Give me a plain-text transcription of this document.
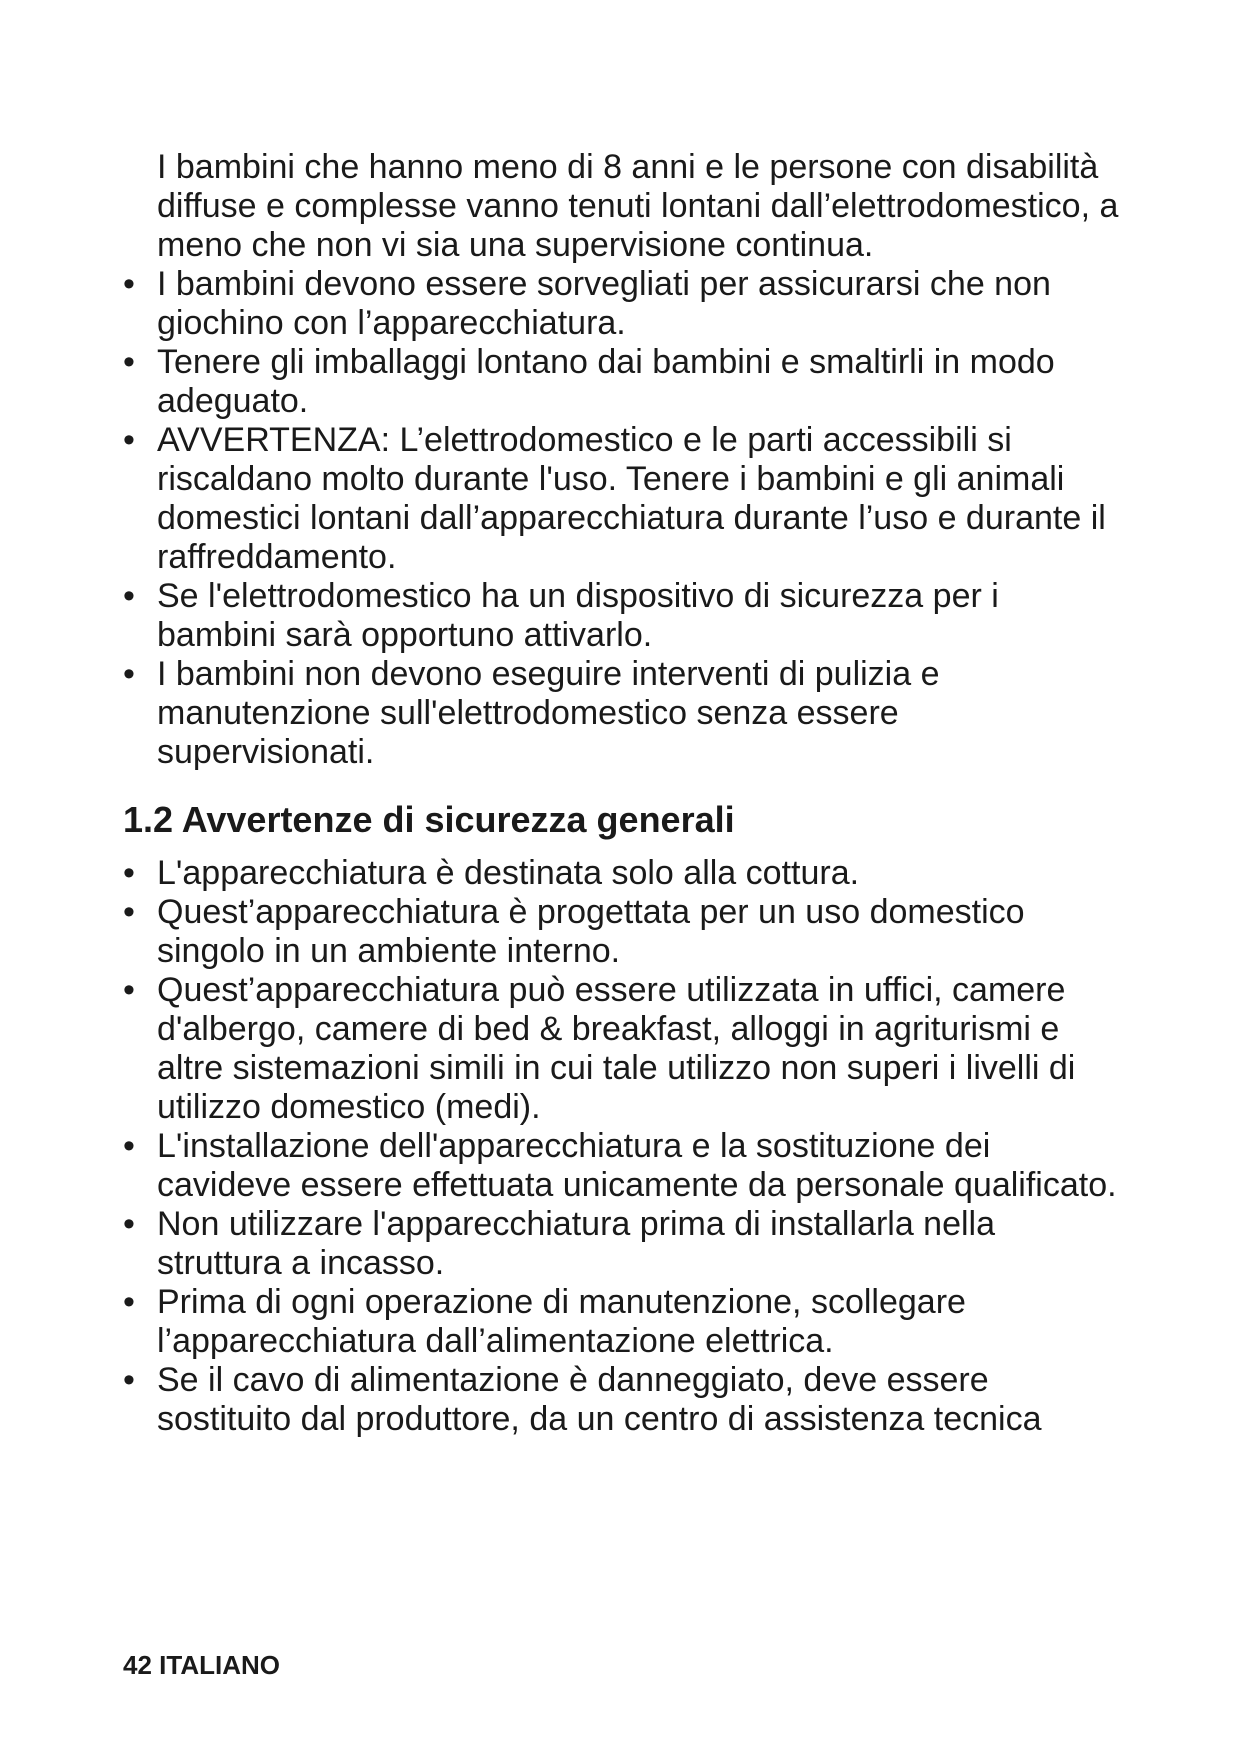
I bambini che hanno meno di 8 anni e le persone con disabilità diffuse e complesse vanno tenuti lontani dall’elettrodomestico, a meno che non vi sia una supervisione continua.

• I bambini devono essere sorvegliati per assicurarsi che non giochino con l’apparecchiatura.
• Tenere gli imballaggi lontano dai bambini e smaltirli in modo adeguato.
• AVVERTENZA: L’elettrodomestico e le parti accessibili si riscaldano molto durante l'uso. Tenere i bambini e gli animali domestici lontani dall’apparecchiatura durante l’uso e durante il raffreddamento.
• Se l'elettrodomestico ha un dispositivo di sicurezza per i bambini sarà opportuno attivarlo.
• I bambini non devono eseguire interventi di pulizia e manutenzione sull'elettrodomestico senza essere supervisionati.
1.2 Avvertenze di sicurezza generali
• L'apparecchiatura è destinata solo alla cottura.
• Quest’apparecchiatura è progettata per un uso domestico singolo in un ambiente interno.
• Quest’apparecchiatura può essere utilizzata in uffici, camere d'albergo, camere di bed & breakfast, alloggi in agriturismi e altre sistemazioni simili in cui tale utilizzo non superi i livelli di utilizzo domestico (medi).
• L'installazione dell'apparecchiatura e la sostituzione dei cavideve essere effettuata unicamente da personale qualificato.
• Non utilizzare l'apparecchiatura prima di installarla nella struttura a incasso.
• Prima di ogni operazione di manutenzione, scollegare l’apparecchiatura dall’alimentazione elettrica.
• Se il cavo di alimentazione è danneggiato, deve essere sostituito dal produttore, da un centro di assistenza tecnica
42 ITALIANO
